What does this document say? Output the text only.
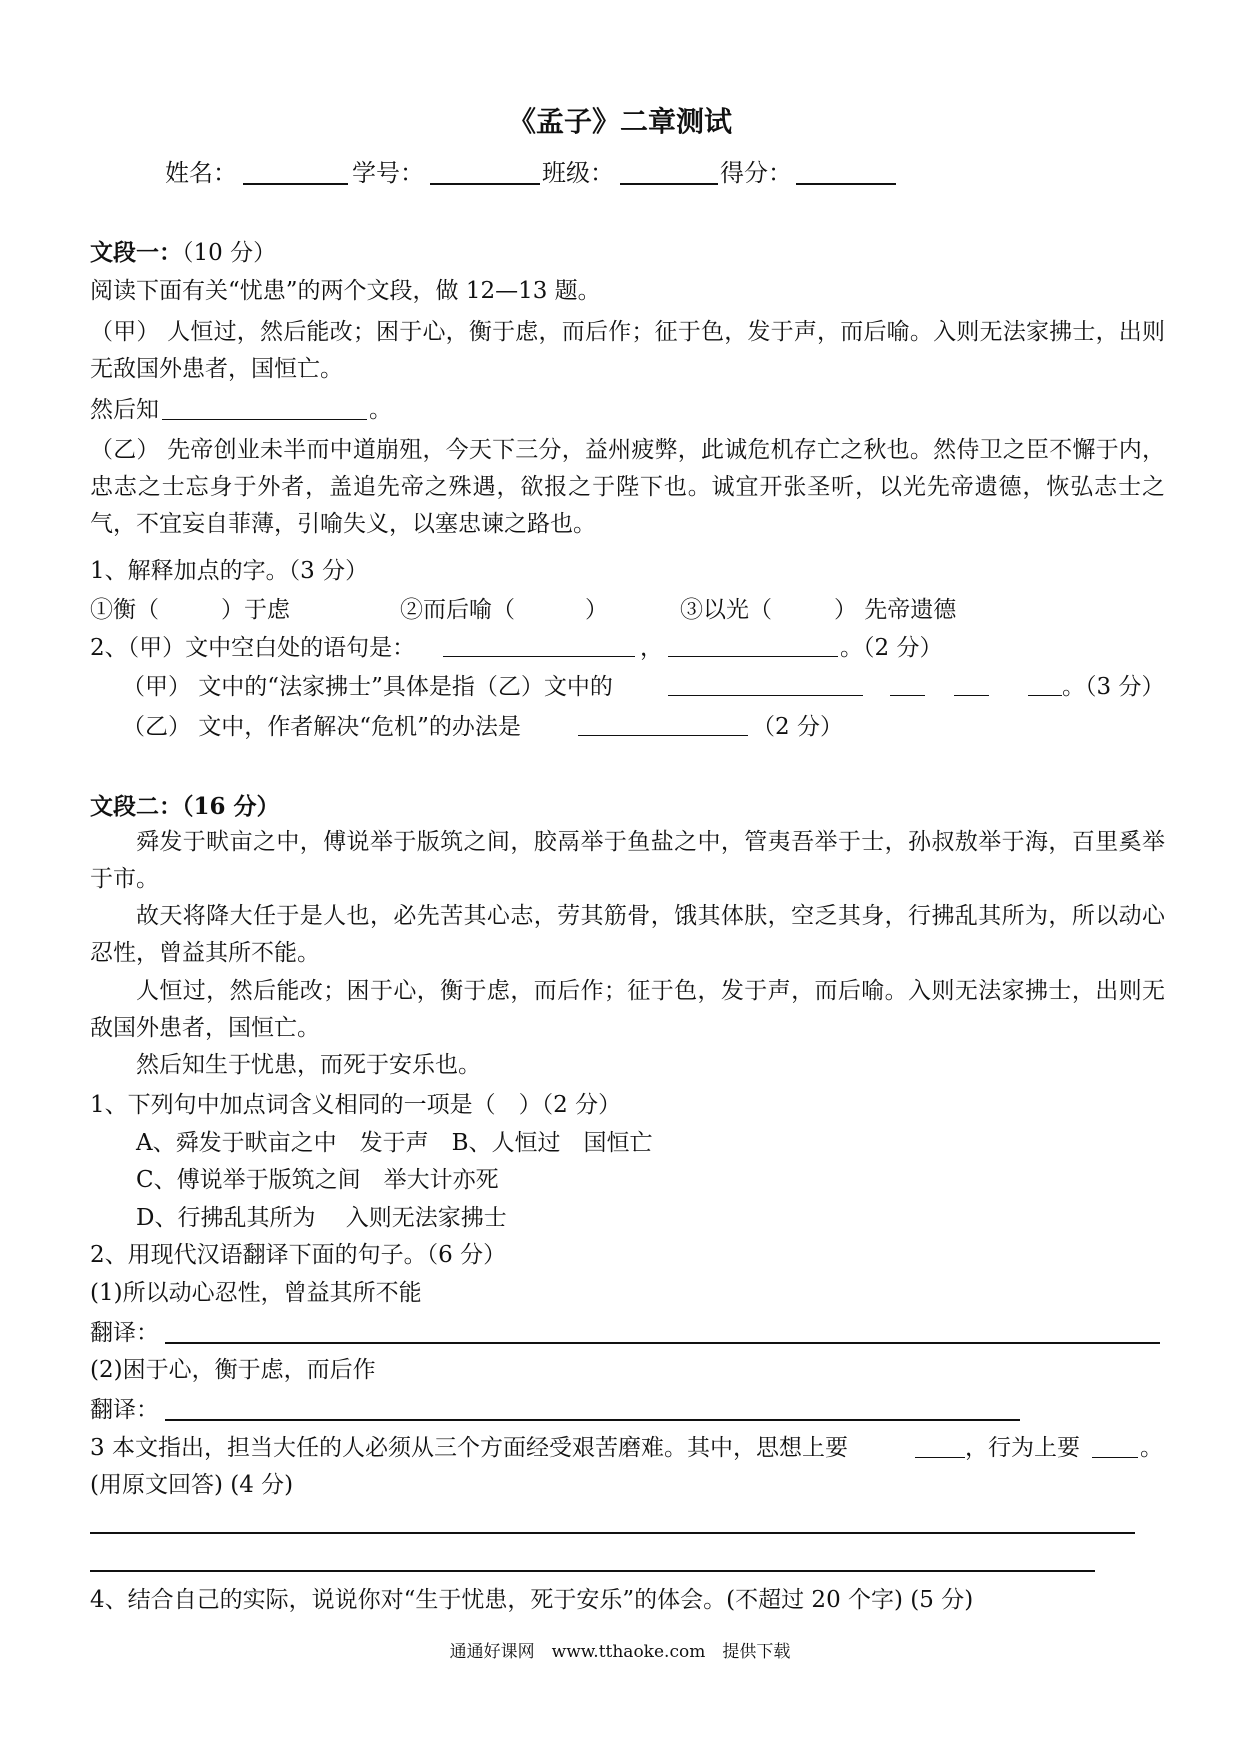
《孟子》二章测试
姓名：	学号：	班级：	得分：
文段一：（10 分）
阅读下面有关“忧患”的两个文段，做 12—13 题。
（甲） 人恒过，然后能改；困于心，衡于虑，而后作；征于色，发于声，而后喻。入则无法家拂士，出则无敌国外患者，国恒亡。
然后知	。
（乙） 先帝创业未半而中道崩殂，今天下三分，益州疲弊，此诚危机存亡之秋也。然侍卫之臣不懈于内，忠志之士忘身于外者，盖追先帝之殊遇，欲报之于陛下也。诚宜开张圣听，以光先帝遗德，恢弘志士之气，不宜妄自菲薄，引喻失义，以塞忠谏之路也。
1、解释加点的字。（3 分）
①衡（	）于虑	②而后喻（	）	③以光（	） 先帝遗德
2、（甲）文中空白处的语句是：	，	。（2 分）
（甲） 文中的“法家拂士”具体是指（乙）文中的	。（3 分）
（乙） 文中，作者解决“危机”的办法是	（2 分）
文段二：（16 分）
舜发于畎亩之中，傅说举于版筑之间，胶鬲举于鱼盐之中，管夷吾举于士，孙叔敖举于海，百里奚举于市。
故天将降大任于是人也，必先苦其心志，劳其筋骨，饿其体肤，空乏其身，行拂乱其所为，所以动心忍性，曾益其所不能。
人恒过，然后能改；困于心，衡于虑，而后作；征于色，发于声，而后喻。入则无法家拂士，出则无敌国外患者，国恒亡。
然后知生于忧患，而死于安乐也。
1、下列句中加点词含义相同的一项是（　）（2 分）
A、舜发于畎亩之中　发于声　B、人恒过　国恒亡
C、傅说举于版筑之间　举大计亦死
D、行拂乱其所为　 入则无法家拂士
2、用现代汉语翻译下面的句子。（6 分）
(1)所以动心忍性，曾益其所不能
翻译：
(2)困于心，衡于虑，而后作
翻译：
3 本文指出，担当大任的人必须从三个方面经受艰苦磨难。其中，思想上要	，行为上要	。
(用原文回答) (4 分)
4、结合自己的实际，说说你对“生于忧患，死于安乐”的体会。(不超过 20 个字) (5 分)
通通好课网　www.tthaoke.com　提供下载
